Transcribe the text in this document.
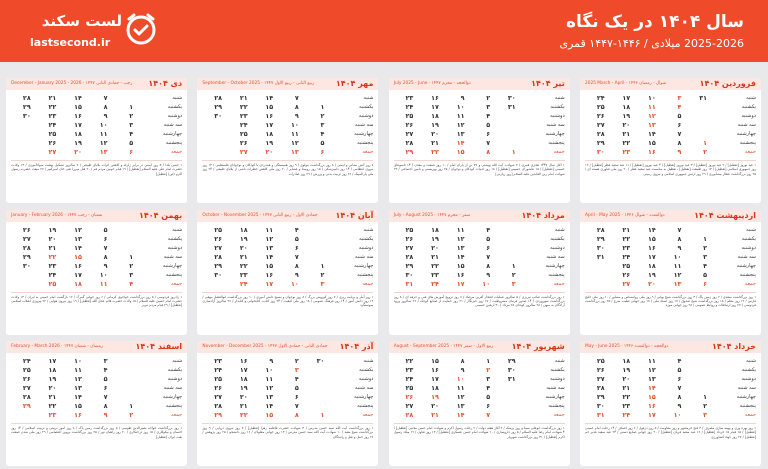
سال ۱۴۰۴ در یک نگاه
2025-2026 میلادی / ۱۴۴۶-۱۴۴۷ قمری
لست سکند
lastsecond.ir
فروردین ۱۴۰۴
2025 March - April · شوال - رمضان ۱۴۴۶
شنبه
یکشنبه
دوشنبه
سه شنبه
چهارشنبه
پنجشنبه
جمعه
۳۱
۳
۱۰
۱۷
۲۴
۴
۱۱
۱۸
۲۵
۵
۱۲
۱۹
۲۶
۶
۱۳
۲۰
۲۷
۷
۱۴
۲۱
۲۸
۱
۸
۱۵
۲۲
۲۹
۲
۹
۱۶
۲۳
۳۰
۱ عید نوروز [تعطیل] / ۲ عید نوروز [تعطیل] / ۳ عید نوروز [تعطیل] / ۴ عید نوروز [تعطیل] / ۱۱ عید سعید فطر [تعطیل] / ۱۲ روز جمهوری اسلامی [تعطیل] / ۱۳ روز طبیعت [تعطیل] ، تعطیل به مناسبت عید سعید فطر / ۲۰ روز ملی فناوری هسته ای / ۲۵ روز بزرگداشت عطار نیشابوری / ۲۹ روز ارتش جمهوری اسلامی و نیروی زمینی
تیر ۱۴۰۴
July 2025 - June · ذوالحجه - محرم ۱۴۴۷
شنبه
یکشنبه
دوشنبه
سه شنبه
چهارشنبه
پنجشنبه
جمعه
۳۰
۲
۹
۱۶
۲۳
۳۱
۳
۱۰
۱۷
۲۴
۴
۱۱
۱۸
۲۵
۵
۱۲
۱۹
۲۶
۶
۱۳
۲۰
۲۷
۷
۱۴
۲۱
۲۸
۱
۸
۱۵
۲۲
۲۹
۱ آغاز سال ۱۴۴۷ هجری قمری / ۷ شهادت آیت الله بهشتی و ۷۲ تن از یاران امام / ۱۰ روز صنعت و معدن / ۱۴ تاسوعای حسینی [تعطیل] / ۱۵ عاشورای حسینی [تعطیل] / ۱۸ روز ادبیات کودکان و نوجوان / ۲۵ روز بهزیستی و تامین اجتماعی / ۲۳ شهادت امام زین العابدین علیه السلام [روز زیارتی]
مهر ۱۴۰۴
September - October 2025 · ربیع الثانی - ربیع الاول ۱۴۴۷
شنبه
یکشنبه
دوشنبه
سه شنبه
چهارشنبه
پنجشنبه
جمعه
۷
۱۴
۲۱
۲۸
۱
۸
۱۵
۲۲
۲۹
۲
۹
۱۶
۲۳
۳۰
۳
۱۰
۱۷
۲۴
۴
۱۱
۱۸
۲۵
۵
۱۲
۱۹
۲۶
۶
۱۳
۲۰
۲۷
۷ روز آتش نشانی و ایمنی / ۸ روز بزرگداشت مولوی / ۹ روز همبستگی و همدردی با کودکان و نوجوانان فلسطینی / ۱۳ روز نیروی انتظامی / ۱۴ روز دامپزشکی / ۱۵ روز روستا و عشایر / ۲۰ روز ملی کاهش خطرات ناشی از بلایای طبیعی / ۲۴ روز ملی پارالمپیک / ۲۶ روز تربیت بدنی و ورزش / ۲۹ روز صادرات
دی ۱۴۰۴
December - January 2025 - 2026 · رجب - جمادی الثانی ۱۴۴۷
شنبه
یکشنبه
دوشنبه
سه شنبه
چهارشنبه
پنجشنبه
جمعه
۷
۱۴
۲۱
۲۸
۱
۸
۱۵
۲۲
۲۹
۲
۹
۱۶
۲۳
۳۰
۳
۱۰
۱۷
۲۴
۴
۱۱
۱۸
۲۵
۵
۱۲
۱۹
۲۶
۶
۱۳
۲۰
۲۷
۱ جشن یلدا / ۵ روز ایمنی در برابر زلزله و کاهش اثرات بلایای طبیعی / ۷ سالروز تشکیل نهضت سوادآموزی / ۱۳ ولادت حضرت امام علی علیه السلام [تعطیل] / ۱۹ قیام خونین مردم قم / ۲۰ قتل میرزا تقی خان امیرکبیر / ۲۷ مبعث حضرت رسول اکرم (ص) [تعطیل]
اردیبهشت ۱۴۰۴
April - May 2025 · ذوالقعده - شوال ۱۴۴۶
شنبه
یکشنبه
دوشنبه
سه شنبه
چهارشنبه
پنجشنبه
جمعه
۷
۱۴
۲۱
۲۸
۱
۸
۱۵
۲۲
۲۹
۲
۹
۱۶
۲۳
۳۰
۳
۱۰
۱۷
۲۴
۳۱
۴
۱۱
۱۸
۲۵
۵
۱۲
۱۹
۲۶
۶
۱۳
۲۰
۲۷
۱ روز بزرگداشت سعدی / ۲ روز زمین پاک / ۳ روز بزرگداشت شیخ بهایی / ۹ روز ملی روانشناس و مشاور / ۱۰ روز ملی خلیج فارس / ۱۲ روز معلم / ۱۵ روز بزرگداشت شیخ صدوق / ۱۷ روز اسناد ملی / ۱۸ روز جهانی صلیب سرخ / ۲۵ روز بزرگداشت فردوسی / ۲۷ روز ارتباطات و روابط عمومی / ۲۸ روز جهانی موزه
مرداد ۱۴۰۴
July - August 2025 · صفر - محرم ۱۴۴۷
شنبه
یکشنبه
دوشنبه
سه شنبه
چهارشنبه
پنجشنبه
جمعه
۴
۱۱
۱۸
۲۵
۵
۱۲
۱۹
۲۶
۶
۱۳
۲۰
۲۷
۷
۱۴
۲۱
۲۸
۱
۸
۱۵
۲۲
۲۹
۲
۹
۱۶
۲۳
۳۰
۳
۱۰
۱۷
۲۴
۳۱
۱ روز بزرگداشت صائب تبریزی / ۵ سالروز عملیات افتخار آفرین مرصاد / ۶ روز ترویج آموزش های فنی و حرفه ای / ۸ روز بزرگداشت سهروردی / ۱۴ صدور فرمان مشروطیت / ۱۷ روز خبرنگار / ۲۱ روز حمایت از صنایع کوچک / ۲۶ سالروز ورود آزادگان به میهن / ۲۸ سالروز کودتای ۲۸ مرداد / ۳۰ اربعین حسینی
آبان ۱۴۰۴
October - November 2025 · جمادی الاول - ربیع الثانی ۱۴۴۷
شنبه
یکشنبه
دوشنبه
سه شنبه
چهارشنبه
پنجشنبه
جمعه
۴
۱۱
۱۸
۲۵
۵
۱۲
۱۹
۲۶
۶
۱۳
۲۰
۲۷
۷
۱۴
۲۱
۲۸
۱
۸
۱۵
۲۲
۲۹
۲
۹
۱۶
۲۳
۳۰
۳
۱۰
۱۷
۲۴
۱ روز آمار و برنامه ریزی / ۷ روز کوروش بزرگ / ۸ روز نوجوان و بسیج دانش آموزی / ۱۰ روز بزرگداشت ابوالفضل بیهقی / ۱۳ روز دانش آموز / ۱۴ روز فرهنگ عمومی / ۱۸ روز ملی کیفیت / ۲۴ روز کتاب، کتابخوانی و کتابدار / ۲۶ سالروز آزادسازی سوسنگرد
بهمن ۱۴۰۴
January - February 2026 · شعبان - رجب ۱۴۴۷
شنبه
یکشنبه
دوشنبه
سه شنبه
چهارشنبه
پنجشنبه
جمعه
۵
۱۲
۱۹
۲۶
۶
۱۳
۲۰
۲۷
۷
۱۴
۲۱
۲۸
۱
۸
۱۵
۲۲
۲۹
۲
۹
۱۶
۲۳
۳۰
۳
۱۰
۱۷
۲۴
۴
۱۱
۱۸
۲۵
۱ زادروز فردوسی / ۵ روز بزرگداشت خواجوی کرمانی / ۶ روز جهانی گمرک / ۱۲ بازگشت امام خمینی به ایران / ۱۳ ولادت حضرت امام حسین علیه السلام / ۱۵ ولادت حضرت قائم عجل الله [تعطیل] / ۱۹ روز نیروی هوایی / ۲۲ پیروزی انقلاب اسلامی [تعطیل] / ۲۹ قیام مردم تبریز
خرداد ۱۴۰۴
May - June 2025 · ذوالحجه - ذوالقعده ۱۴۴۶
شنبه
یکشنبه
دوشنبه
سه شنبه
چهارشنبه
پنجشنبه
جمعه
۴
۱۱
۱۸
۲۵
۵
۱۲
۱۹
۲۶
۶
۱۳
۲۰
۲۷
۷
۱۴
۲۱
۲۸
۱
۸
۱۵
۲۲
۲۹
۲
۹
۱۶
۲۳
۳۰
۳
۱۰
۱۷
۲۴
۳۱
۱ روز بهره وری و بهینه سازی مصرف / ۳ فتح خرمشهر و روز مقاومت / ۵ روز دزفول / ۶ روز اصناف / ۱۴ رحلت امام خمینی [تعطیل] / ۱۵ قیام ۱۵ خرداد [تعطیل] / ۱۶ عید سعید قربان [تعطیل] / ۲۰ روز جهانی صنایع دستی / ۲۴ عید سعید غدیر خم [تعطیل] / ۲۷ روز جهاد کشاورزی
شهریور ۱۴۰۴
August - September 2025 · ربیع الاول - صفر ۱۴۴۷
شنبه
یکشنبه
دوشنبه
سه شنبه
چهارشنبه
پنجشنبه
جمعه
۲۹
۱
۸
۱۵
۲۲
۳۰
۲
۹
۱۶
۲۳
۳۱
۳
۱۰
۱۷
۲۴
۴
۱۱
۱۸
۲۵
۵
۱۲
۱۹
۲۶
۶
۱۳
۲۰
۲۷
۷
۱۴
۲۱
۲۸
۱ روز بزرگداشت ابوعلی سینا و روز پزشک / ۲ آغاز هفته دولت / ۲ رحلت رسول اکرم و شهادت امام حسن مجتبی [تعطیل] / ۴ شهادت امام رضا علیه السلام / ۵ روز داروسازی / ۱۰ شهادت امام حسن عسکری [تعطیل] / ۱۳ روز تعاون / ۱۹ میلاد رسول اکرم [تعطیل] / ۳۱ روز بزرگداشت شهریار
آذر ۱۴۰۴
November - December 2025 · جمادی الثانی - جمادی الاول ۱۴۴۷
شنبه
یکشنبه
دوشنبه
سه شنبه
چهارشنبه
پنجشنبه
جمعه
۳۰
۲
۹
۱۶
۲۳
۳
۱۰
۱۷
۲۴
۴
۱۱
۱۸
۲۵
۵
۱۲
۱۹
۲۶
۶
۱۳
۲۰
۲۷
۷
۱۴
۲۱
۲۸
۱
۸
۱۵
۲۲
۲۹
۱ روز بزرگداشت آیت الله سید حسن مدرس / ۳ شهادت حضرت فاطمه زهرا [تعطیل] / ۷ روز نیروی دریایی / ۹ روز بزرگداشت شیخ مفید / ۱۰ شهادت آیت الله سید حسن مدرس / ۱۳ روز جهانی معلولان / ۱۶ روز دانشجو / ۲۵ روز پژوهش / ۲۶ روز حمل و نقل و رانندگان
اسفند ۱۴۰۴
February - March 2026 · رمضان - شعبان ۱۴۴۷
شنبه
یکشنبه
دوشنبه
سه شنبه
چهارشنبه
پنجشنبه
جمعه
۳
۱۰
۱۷
۲۴
۴
۱۱
۱۸
۲۵
۵
۱۲
۱۹
۲۶
۶
۱۳
۲۰
۲۷
۷
۱۴
۲۱
۲۸
۱
۸
۱۵
۲۲
۲۹
۲
۹
۱۶
۲۳
۱ روز بزرگداشت خواجه نصیرالدین طوسی / ۵ روز بزرگداشت زمین پاک / ۸ روز امور تربیتی و تربیت اسلامی / ۱۴ روز احسان و نیکوکاری / ۱۵ روز درختکاری / ۲۰ روز راهیان نور / ۲۵ روز بزرگداشت پروین اعتصامی / ۲۹ روز ملی شدن صنعت نفت ایران [تعطیل]
